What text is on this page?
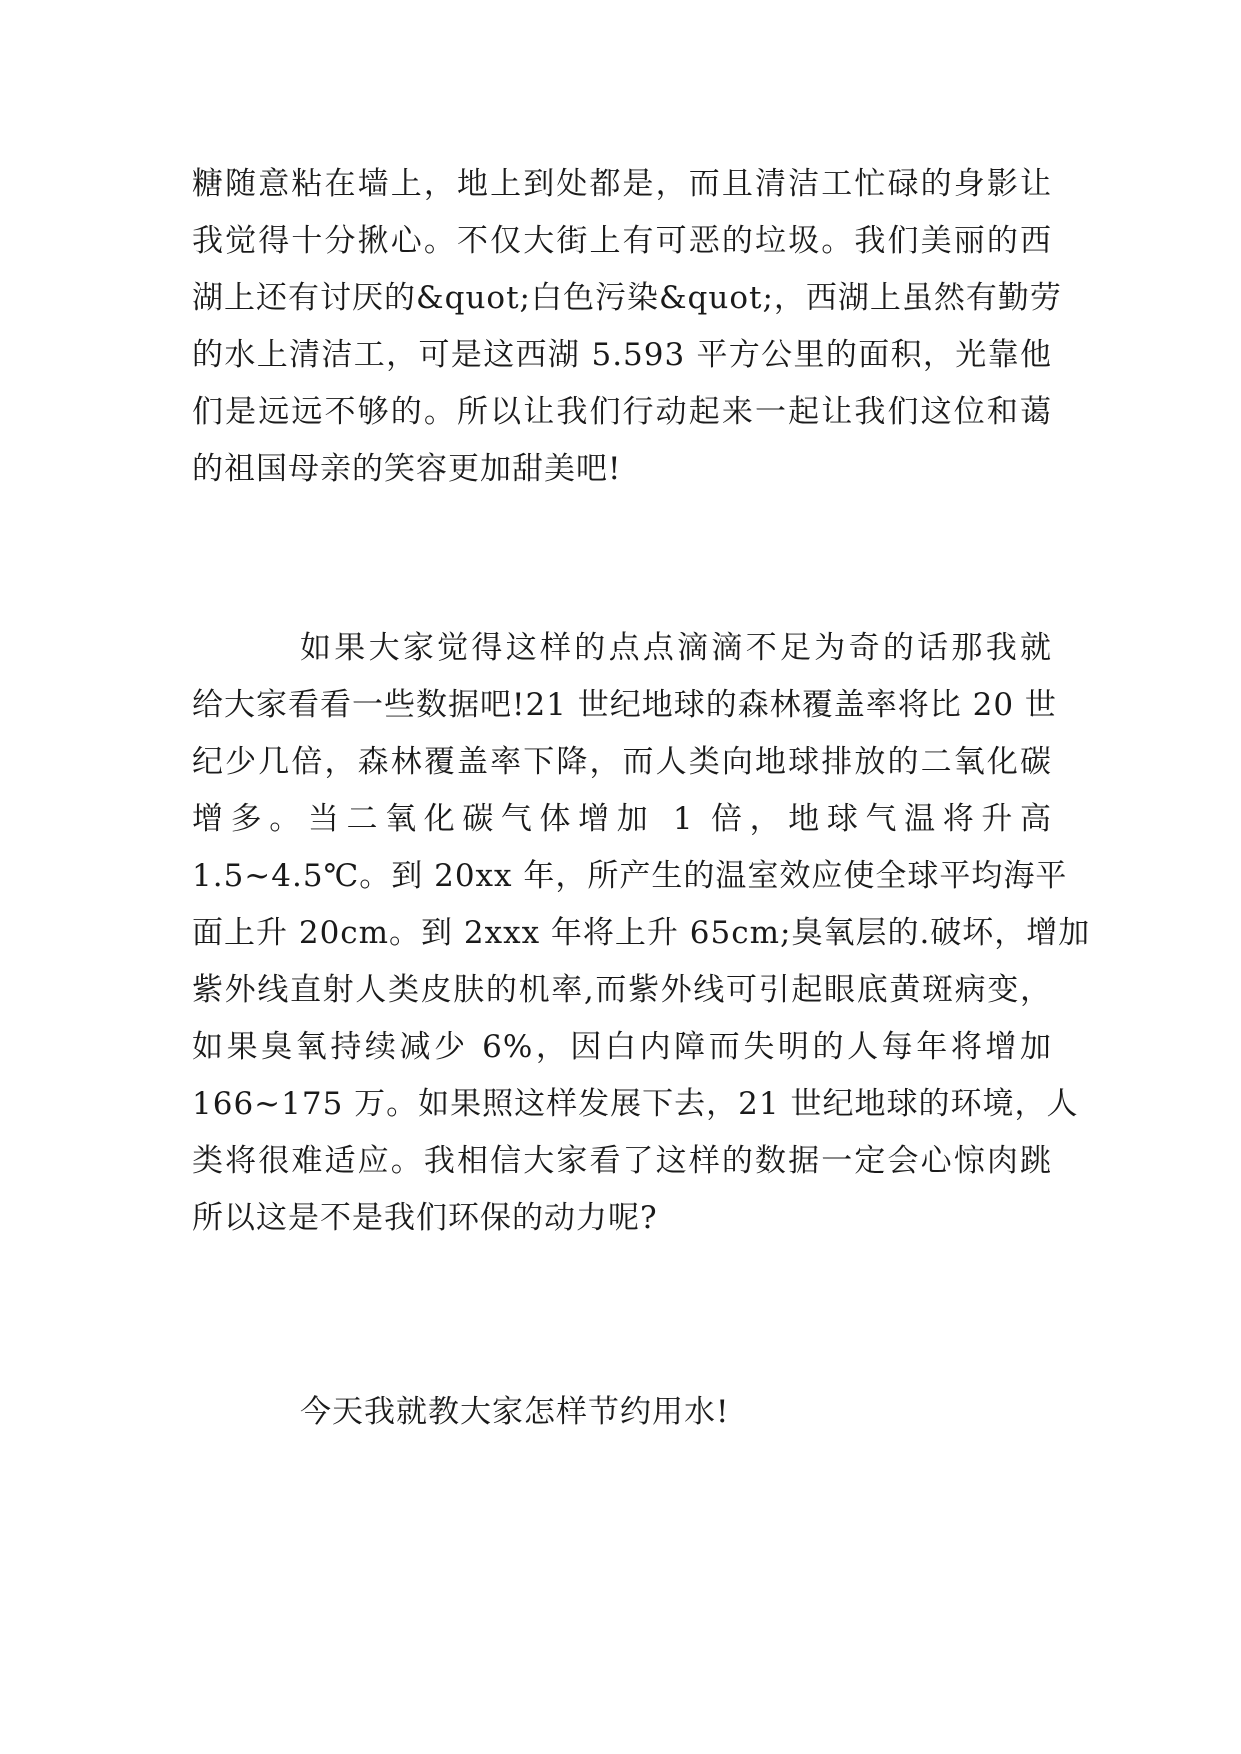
糖随意粘在墙上，地上到处都是，而且清洁工忙碌的身影让
我觉得十分揪心。不仅大街上有可恶的垃圾。我们美丽的西
湖上还有讨厌的&quot;白色污染&quot;，西湖上虽然有勤劳
的水上清洁工，可是这西湖 5.593 平方公里的面积，光靠他
们是远远不够的。所以让我们行动起来一起让我们这位和蔼
的祖国母亲的笑容更加甜美吧!
如果大家觉得这样的点点滴滴不足为奇的话那我就
给大家看看一些数据吧!21 世纪地球的森林覆盖率将比 20 世
纪少几倍，森林覆盖率下降，而人类向地球排放的二氧化碳
增多。当二氧化碳气体增加 1 倍，地球气温将升高
1.5~4.5℃。到 20xx 年，所产生的温室效应使全球平均海平
面上升 20cm。到 2xxx 年将上升 65cm;臭氧层的.破坏，增加
紫外线直射人类皮肤的机率,而紫外线可引起眼底黄斑病变，
如果臭氧持续减少 6%，因白内障而失明的人每年将增加
166~175 万。如果照这样发展下去，21 世纪地球的环境，人
类将很难适应。我相信大家看了这样的数据一定会心惊肉跳
所以这是不是我们环保的动力呢?
今天我就教大家怎样节约用水!
